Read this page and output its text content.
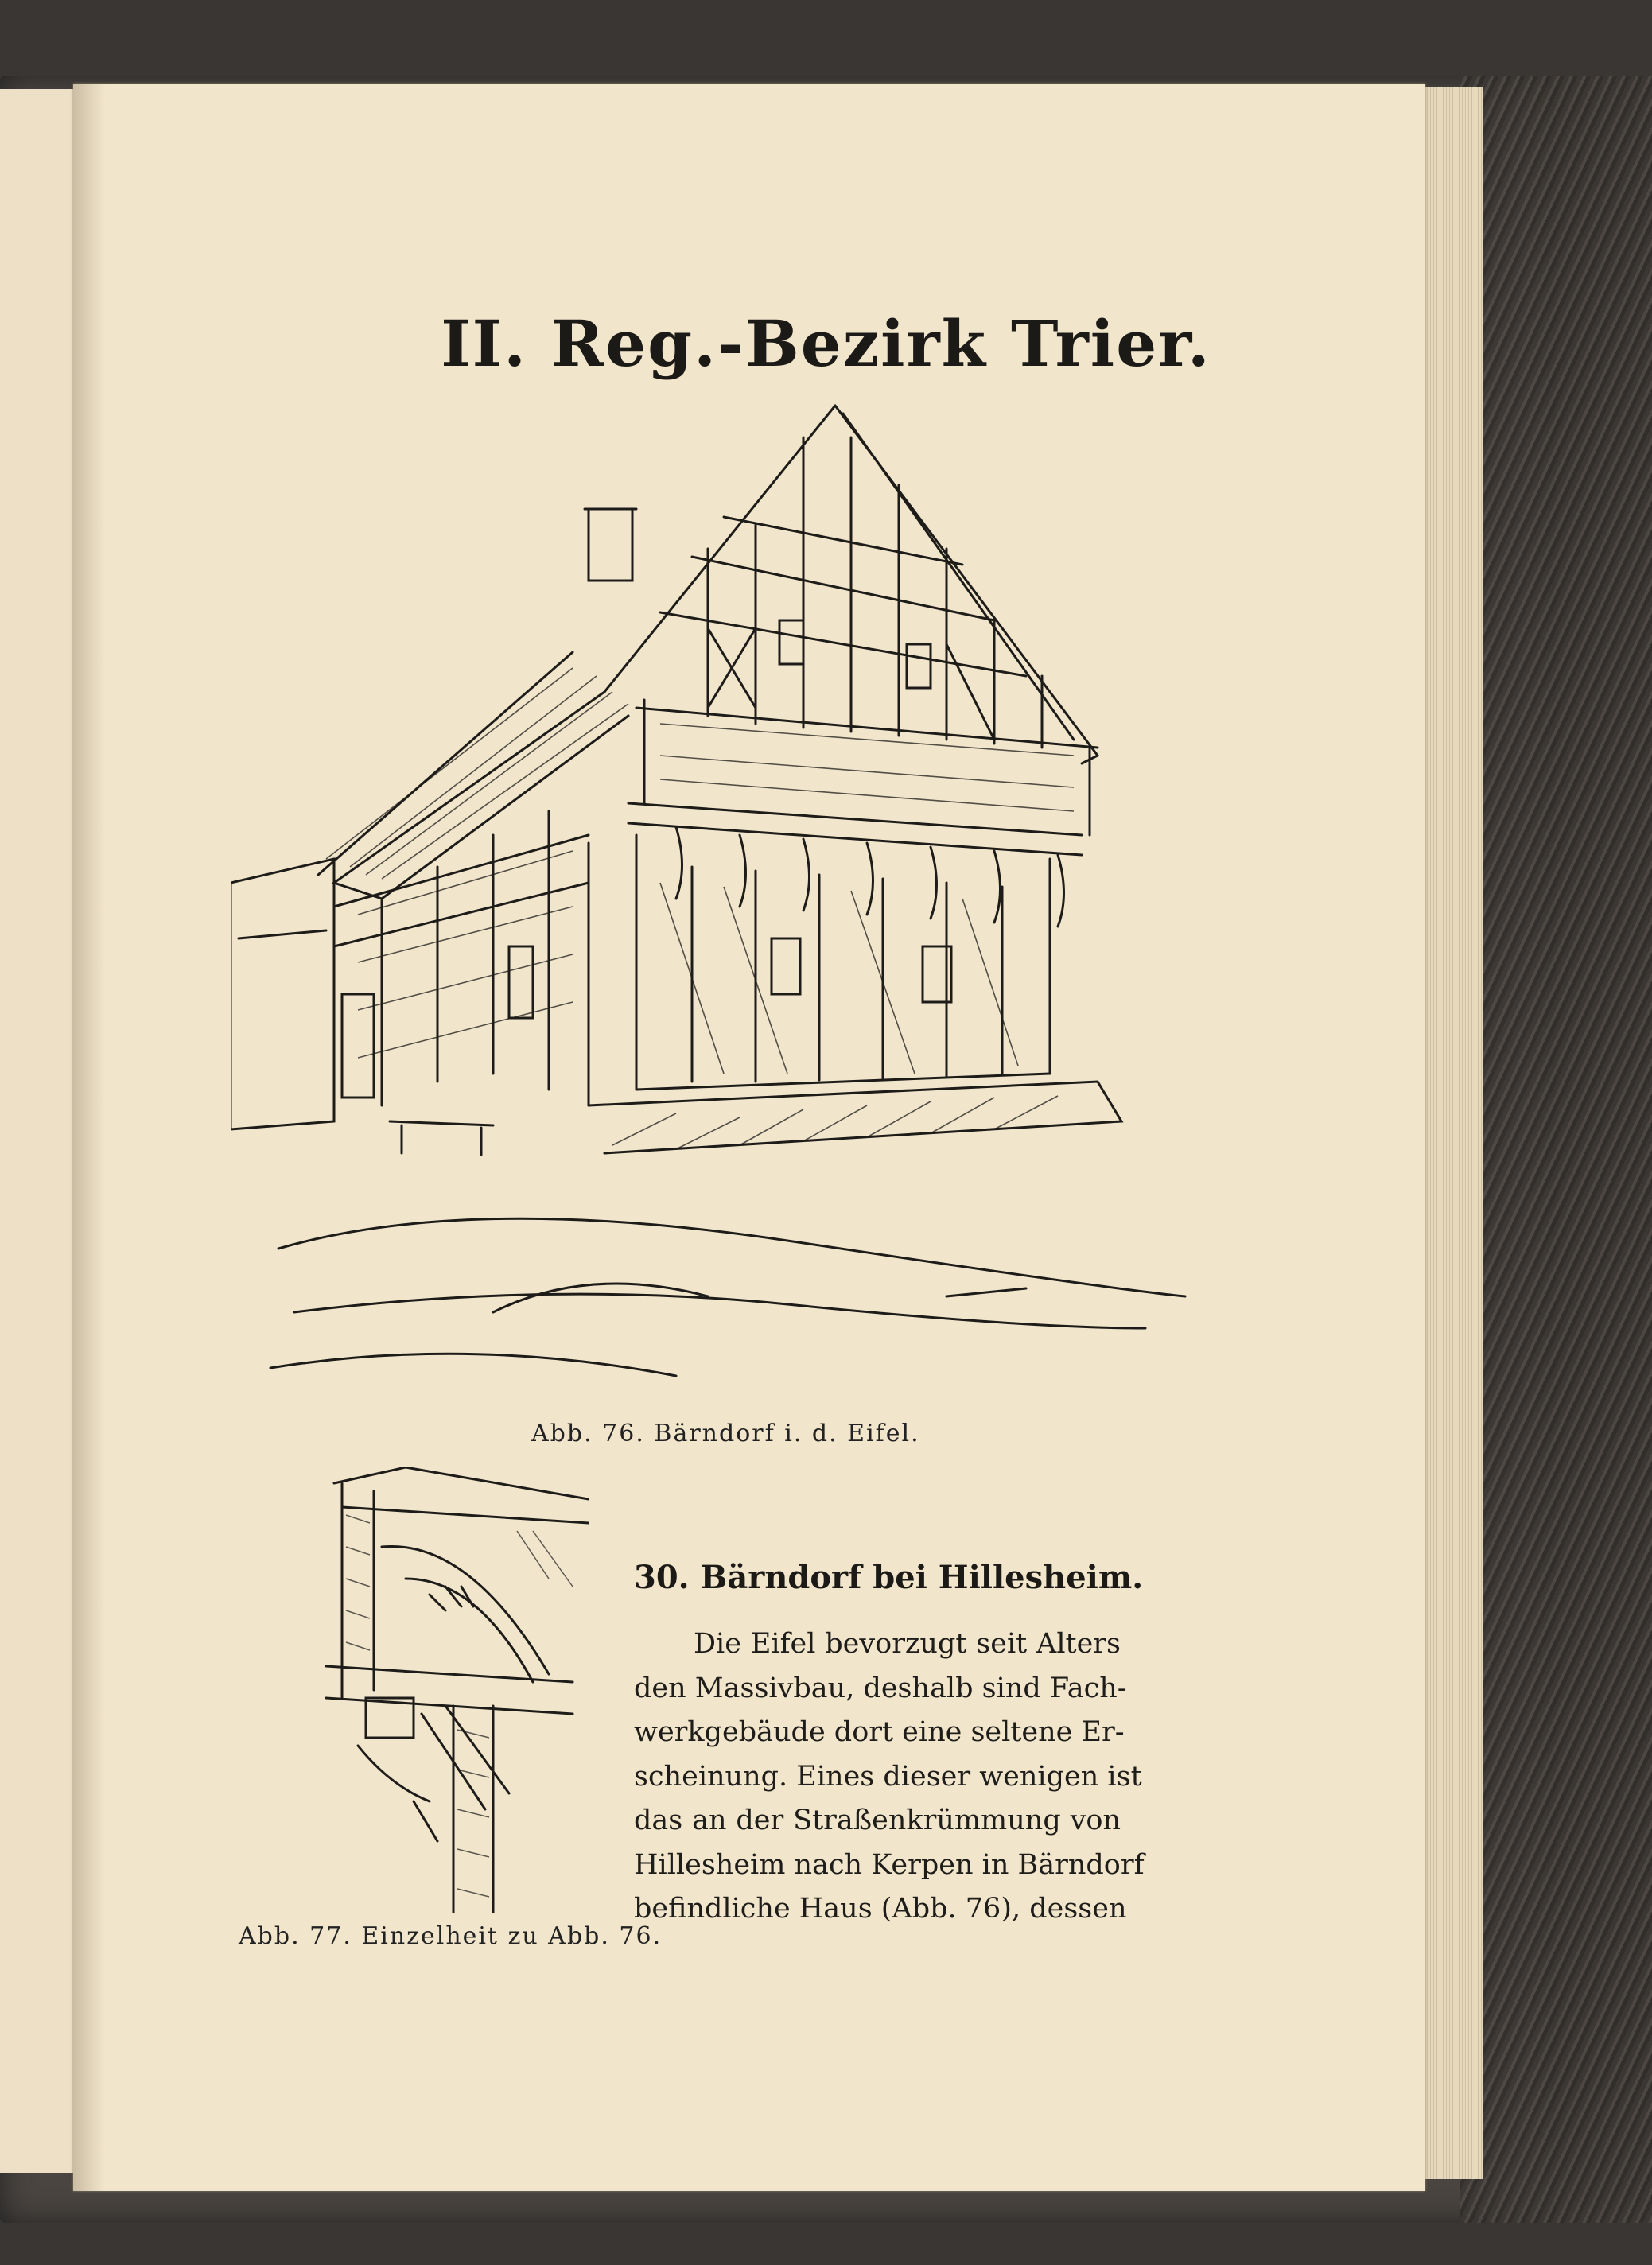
II. Reg.-Bezirk Trier.
Abb. 76. Bärndorf i. d. Eifel.
Abb. 77. Einzelheit zu Abb. 76.
30. Bärndorf bei Hillesheim.
Die Eifel bevorzugt seit Alters
den Massivbau, deshalb sind Fach-
werkgebäude dort eine seltene Er-
scheinung. Eines dieser wenigen ist
das an der Straßenkrümmung von
Hillesheim nach Kerpen in Bärndorf
befindliche Haus (Abb. 76), dessen
